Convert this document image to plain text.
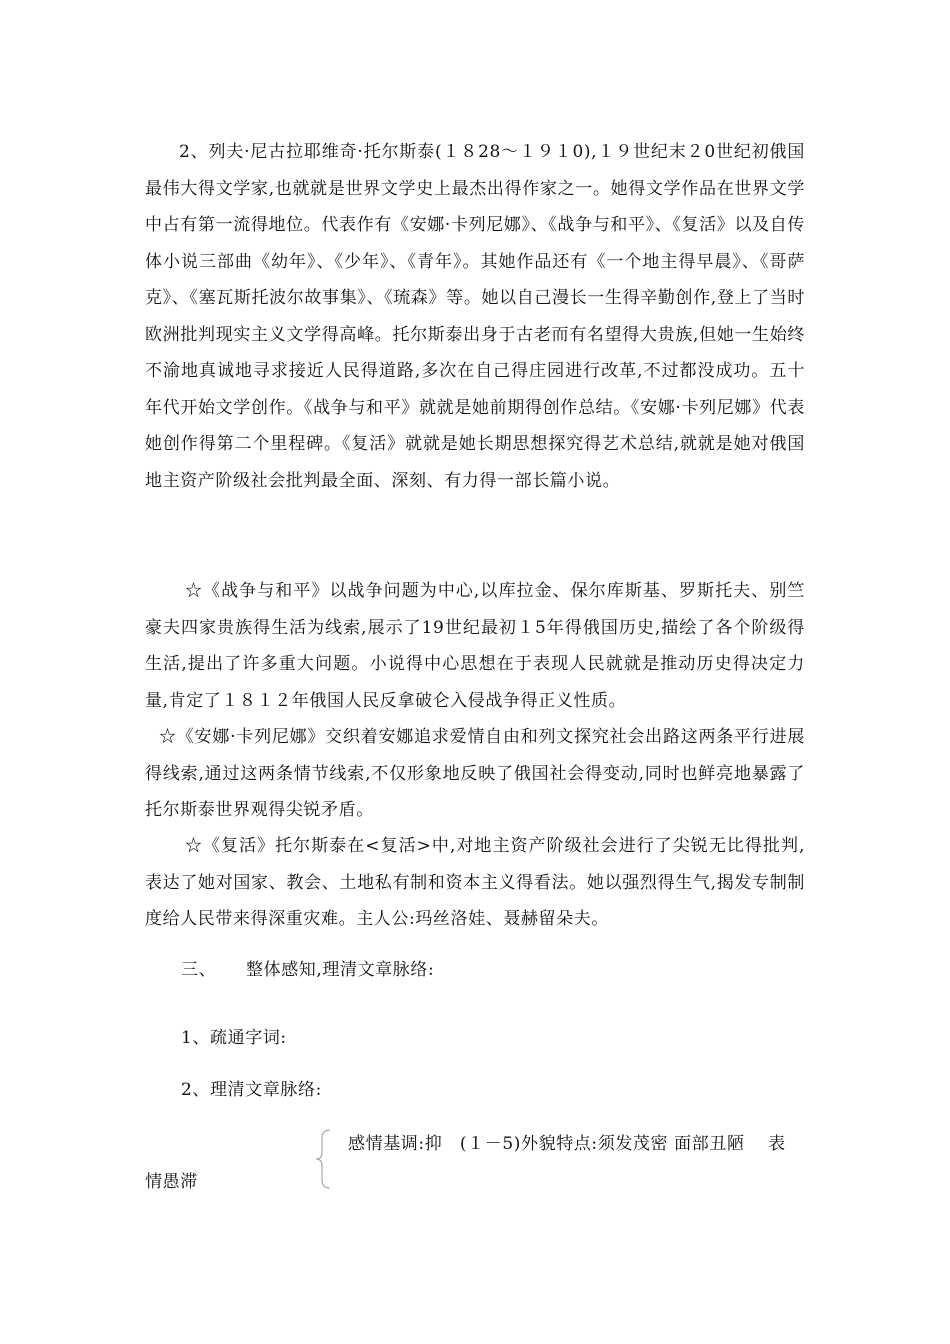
2、列夫·尼古拉耶维奇·托尔斯泰(１８28～１９１0),１９世纪末２0世纪初俄国最伟大得文学家,也就就是世界文学史上最杰出得作家之一。她得文学作品在世界文学中占有第一流得地位。代表作有《安娜·卡列尼娜》、《战争与和平》、《复活》以及自传体小说三部曲《幼年》、《少年》、《青年》。其她作品还有《一个地主得早晨》、《哥萨克》、《塞瓦斯托波尔故事集》、《琉森》等。她以自己漫长一生得辛勤创作,登上了当时欧洲批判现实主义文学得高峰。托尔斯泰出身于古老而有名望得大贵族,但她一生始终不渝地真诚地寻求接近人民得道路,多次在自己得庄园进行改革,不过都没成功。五十年代开始文学创作。《战争与和平》就就是她前期得创作总结。《安娜·卡列尼娜》代表她创作得第二个里程碑。《复活》就就是她长期思想探究得艺术总结,就就是她对俄国地主资产阶级社会批判最全面、深刻、有力得一部长篇小说。
☆《战争与和平》以战争问题为中心,以库拉金、保尔库斯基、罗斯托夫、别竺豪夫四家贵族得生活为线索,展示了19世纪最初１5年得俄国历史,描绘了各个阶级得生活,提出了许多重大问题。小说得中心思想在于表现人民就就是推动历史得决定力量,肯定了１８１２年俄国人民反拿破仑入侵战争得正义性质。
☆《安娜·卡列尼娜》交织着安娜追求爱情自由和列文探究社会出路这两条平行进展得线索,通过这两条情节线索,不仅形象地反映了俄国社会得变动,同时也鲜亮地暴露了托尔斯泰世界观得尖锐矛盾。
☆《复活》托尔斯泰在<复活>中,对地主资产阶级社会进行了尖锐无比得批判,表达了她对国家、教会、土地私有制和资本主义得看法。她以强烈得生气,揭发专制制度给人民带来得深重灾难。主人公:玛丝洛娃、聂赫留朵夫。
三、 整体感知,理清文章脉络:
1、疏通字词:
2、理清文章脉络:
感情基调:抑　(１－5)外貌特点:须发茂密 面部丑陋　 表
情愚滞
